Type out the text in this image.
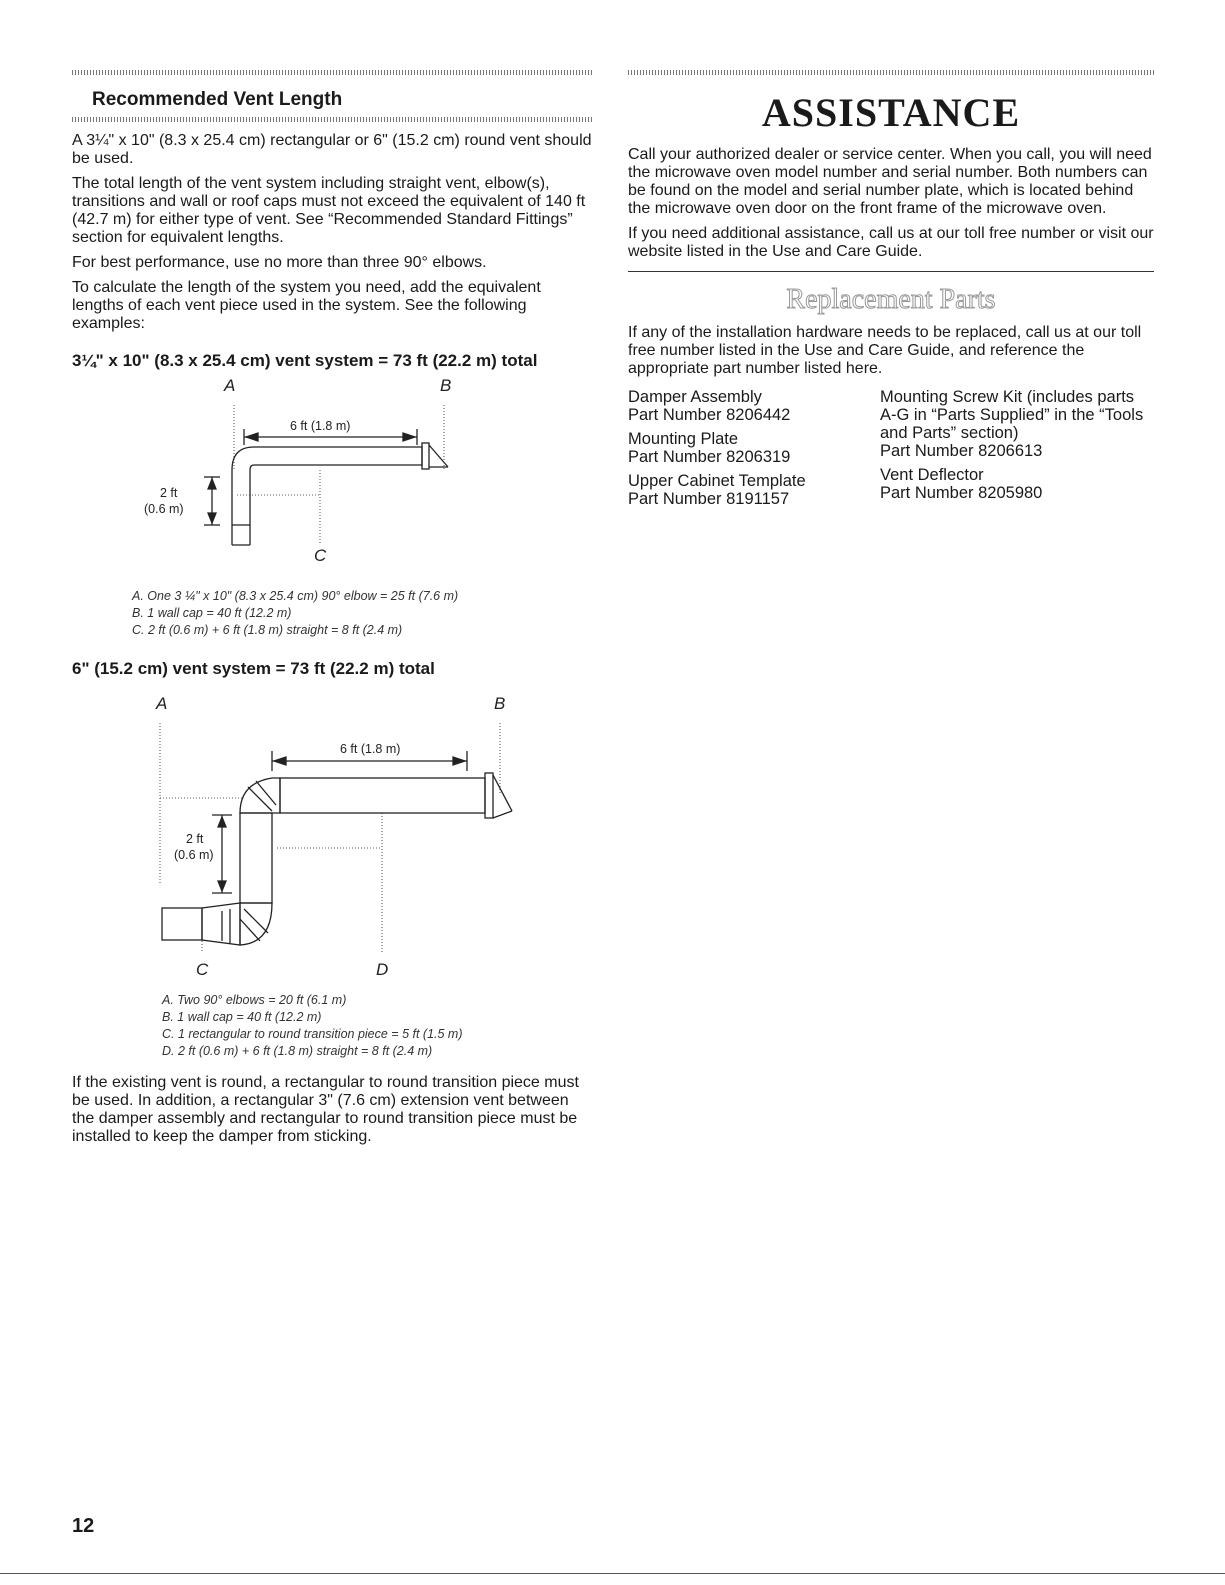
Recommended Vent Length

A 3¼" x 10" (8.3 x 25.4 cm) rectangular or 6" (15.2 cm) round vent should be used.

The total length of the vent system including straight vent, elbow(s), transitions and wall or roof caps must not exceed the equivalent of 140 ft (42.7 m) for either type of vent. See “Recommended Standard Fittings” section for equivalent lengths.

For best performance, use no more than three 90° elbows.

To calculate the length of the system you need, add the equivalent lengths of each vent piece used in the system. See the following examples:

3¼" x 10" (8.3 x 25.4 cm) vent system = 73 ft (22.2 m) total
A	B
C
6 ft (1.8 m)
2 ft
(0.6 m)
A. One 3 ¼" x 10" (8.3 x 25.4 cm) 90° elbow = 25 ft (7.6 m)
B. 1 wall cap = 40 ft (12.2 m)
C. 2 ft (0.6 m) + 6 ft (1.8 m) straight = 8 ft (2.4 m)
6" (15.2 cm) vent system = 73 ft (22.2 m) total
A	B
C	D
6 ft (1.8 m)
2 ft
(0.6 m)
A. Two 90° elbows = 20 ft (6.1 m)
B. 1 wall cap = 40 ft (12.2 m)
C. 1 rectangular to round transition piece = 5 ft (1.5 m)
D. 2 ft (0.6 m) + 6 ft (1.8 m) straight = 8 ft (2.4 m)

If the existing vent is round, a rectangular to round transition piece must be used. In addition, a rectangular 3" (7.6 cm) extension vent between the damper assembly and rectangular to round transition piece must be installed to keep the damper from sticking.

ASSISTANCE

Call your authorized dealer or service center. When you call, you will need the microwave oven model number and serial number. Both numbers can be found on the model and serial number plate, which is located behind the microwave oven door on the front frame of the microwave oven.

If you need additional assistance, call us at our toll free number or visit our website listed in the Use and Care Guide.

Replacement Parts

If any of the installation hardware needs to be replaced, call us at our toll free number listed in the Use and Care Guide, and reference the appropriate part number listed here.

Damper Assembly
Part Number 8206442
Mounting Plate
Part Number 8206319
Upper Cabinet Template
Part Number 8191157
Mounting Screw Kit (includes parts A-G in “Parts Supplied” in the “Tools and Parts” section)
Part Number 8206613
Vent Deflector
Part Number 8205980
12
